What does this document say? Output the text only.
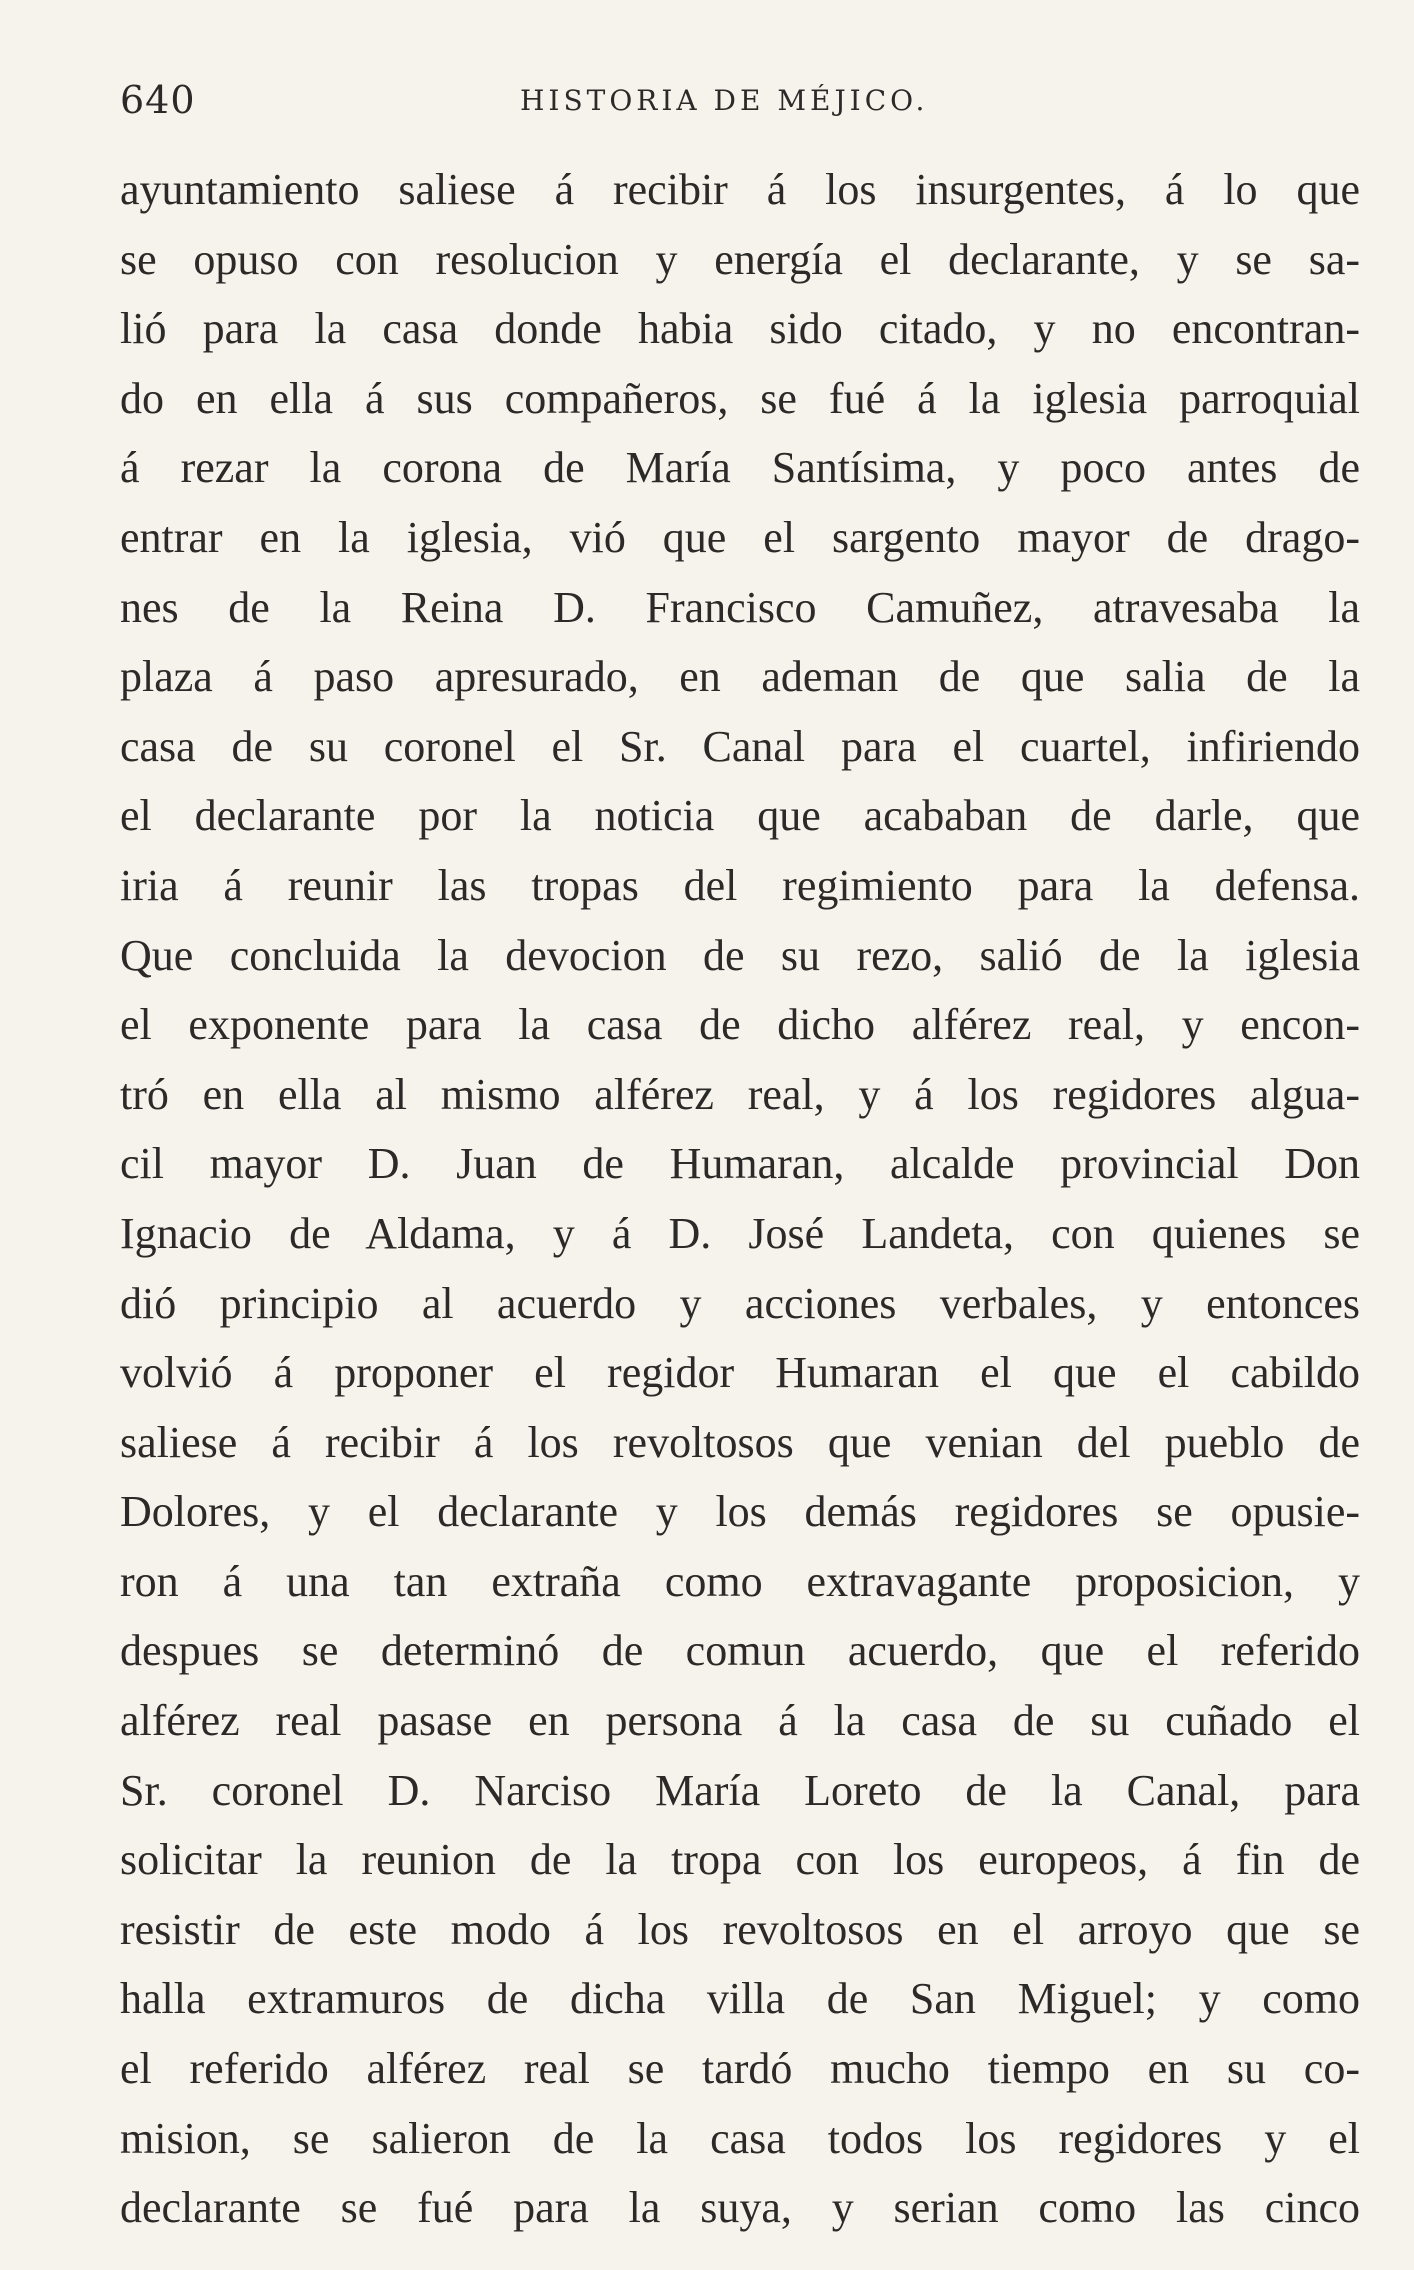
640	HISTORIA DE MÉJICO.
ayuntamiento saliese á recibir á los insurgentes, á lo que
se opuso con resolucion y energía el declarante, y se sa-
lió para la casa donde habia sido citado, y no encontran-
do en ella á sus compañeros, se fué á la iglesia parroquial
á rezar la corona de María Santísima, y poco antes de
entrar en la iglesia, vió que el sargento mayor de drago-
nes de la Reina D. Francisco Camuñez, atravesaba la
plaza á paso apresurado, en ademan de que salia de la
casa de su coronel el Sr. Canal para el cuartel, infiriendo
el declarante por la noticia que acababan de darle, que
iria á reunir las tropas del regimiento para la defensa.
Que concluida la devocion de su rezo, salió de la iglesia
el exponente para la casa de dicho alférez real, y encon-
tró en ella al mismo alférez real, y á los regidores algua-
cil mayor D. Juan de Humaran, alcalde provincial Don
Ignacio de Aldama, y á D. José Landeta, con quienes se
dió principio al acuerdo y acciones verbales, y entonces
volvió á proponer el regidor Humaran el que el cabildo
saliese á recibir á los revoltosos que venian del pueblo de
Dolores, y el declarante y los demás regidores se opusie-
ron á una tan extraña como extravagante proposicion, y
despues se determinó de comun acuerdo, que el referido
alférez real pasase en persona á la casa de su cuñado el
Sr. coronel D. Narciso María Loreto de la Canal, para
solicitar la reunion de la tropa con los europeos, á fin de
resistir de este modo á los revoltosos en el arroyo que se
halla extramuros de dicha villa de San Miguel; y como
el referido alférez real se tardó mucho tiempo en su co-
mision, se salieron de la casa todos los regidores y el
declarante se fué para la suya, y serian como las cinco
